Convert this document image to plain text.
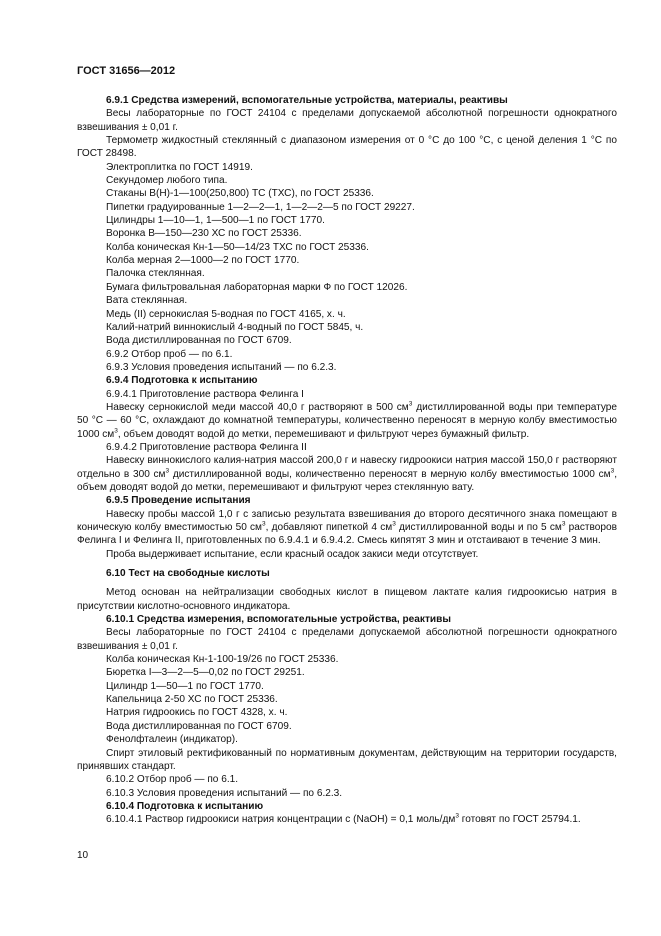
ГОСТ 31656—2012

6.9.1 Средства измерений, вспомогательные устройства, материалы, реактивы

Весы лабораторные по ГОСТ 24104 с пределами допускаемой абсолютной погрешности однократного взвешивания ± 0,01 г.

Термометр жидкостный стеклянный с диапазоном измерения от 0 °С до 100 °С, с ценой деления 1 °С по ГОСТ 28498.

Электроплитка по ГОСТ 14919.

Секундомер любого типа.

Стаканы В(Н)-1—100(250,800) ТС (ТХС), по ГОСТ 25336.

Пипетки градуированные 1—2—2—1, 1—2—2—5 по ГОСТ 29227.

Цилиндры 1—10—1, 1—500—1 по ГОСТ 1770.

Воронка В—150—230 ХС по ГОСТ 25336.

Колба коническая Кн-1—50—14/23 ТХС по ГОСТ 25336.

Колба мерная 2—1000—2 по ГОСТ 1770.

Палочка стеклянная.

Бумага фильтровальная лабораторная марки Ф по ГОСТ 12026.

Вата стеклянная.

Медь (II) сернокислая 5-водная по ГОСТ 4165, х. ч.

Калий-натрий виннокислый 4-водный по ГОСТ 5845, ч.

Вода дистиллированная по ГОСТ 6709.

6.9.2 Отбор проб — по 6.1.

6.9.3 Условия проведения испытаний — по 6.2.3.

6.9.4 Подготовка к испытанию

6.9.4.1 Приготовление раствора Фелинга I

Навеску сернокислой меди массой 40,0 г растворяют в 500 $см^3$ дистиллированной воды при температуре 50 °С — 60 °С, охлаждают до комнатной температуры, количественно переносят в мерную колбу вместимостью 1000 $см^3$, объем доводят водой до метки, перемешивают и фильтруют через бумажный фильтр.

6.9.4.2 Приготовление раствора Фелинга II

Навеску виннокислого калия-натрия массой 200,0 г и навеску гидроокиси натрия массой 150,0 г растворяют отдельно в 300 $см^3$ дистиллированной воды, количественно переносят в мерную колбу вместимостью 1000 $см^3$, объем доводят водой до метки, перемешивают и фильтруют через стеклянную вату.

6.9.5 Проведение испытания

Навеску пробы массой 1,0 г с записью результата взвешивания до второго десятичного знака помещают в коническую колбу вместимостью 50 $см^3$, добавляют пипеткой 4 $см^3$ дистиллированной воды и по 5 $см^3$ растворов Фелинга I и Фелинга II, приготовленных по 6.9.4.1 и 6.9.4.2. Смесь кипятят 3 мин и отстаивают в течение 3 мин.

Проба выдерживает испытание, если красный осадок закиси меди отсутствует.

6.10 Тест на свободные кислоты

Метод основан на нейтрализации свободных кислот в пищевом лактате калия гидроокисью натрия в присутствии кислотно-основного индикатора.

6.10.1 Средства измерения, вспомогательные устройства, реактивы

Весы лабораторные по ГОСТ 24104 с пределами допускаемой абсолютной погрешности однократного взвешивания ± 0,01 г.

Колба коническая Кн-1-100-19/26 по ГОСТ 25336.

Бюретка I—3—2—5—0,02 по ГОСТ 29251.

Цилиндр 1—50—1 по ГОСТ 1770.

Капельница 2-50 ХС по ГОСТ 25336.

Натрия гидроокись по ГОСТ 4328, х. ч.

Вода дистиллированная по ГОСТ 6709.

Фенолфталеин (индикатор).

Спирт этиловый ректификованный по нормативным документам, действующим на территории государств, принявших стандарт.

6.10.2 Отбор проб — по 6.1.

6.10.3 Условия проведения испытаний — по 6.2.3.

6.10.4 Подготовка к испытанию

6.10.4.1 Раствор гидроокиси натрия концентрации с (NaOH) = 0,1 моль/$дм^3$ готовят по ГОСТ 25794.1.

10
